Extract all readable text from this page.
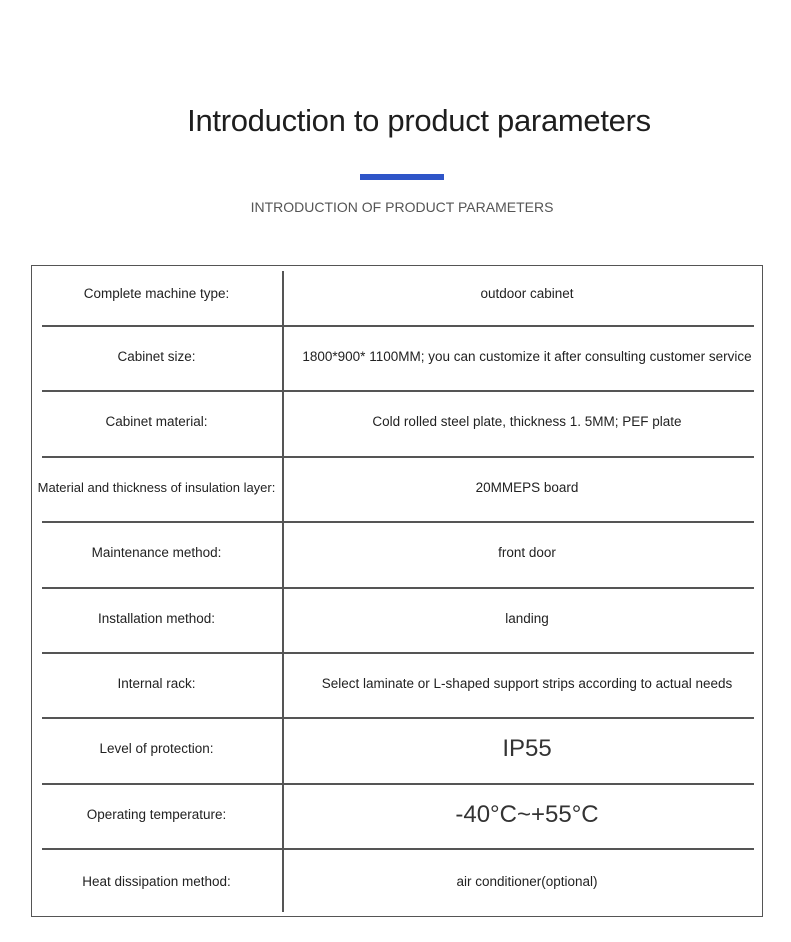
Introduction to product parameters
INTRODUCTION OF PRODUCT PARAMETERS
Complete machine type:	outdoor cabinet
Cabinet size:	1800*900* 1100MM; you can customize it after consulting customer service
Cabinet material:	Cold rolled steel plate, thickness 1. 5MM; PEF plate
Material and thickness of insulation layer:	20MMEPS board
Maintenance method:	front door
Installation method:	landing
Internal rack:	Select laminate or L-shaped support strips according to actual needs
Level of protection:	IP55
Operating temperature:	-40°C~+55°C
Heat dissipation method:	air conditioner(optional)
